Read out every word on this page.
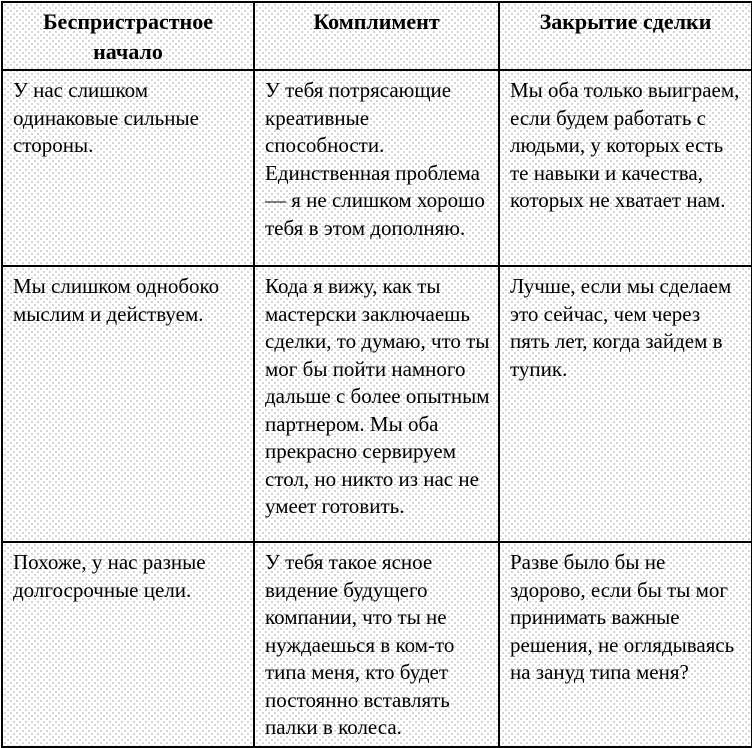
Беспристрастное начало	Комплимент	Закрытие сделки
У нас слишком одинаковые сильные стороны.	У тебя потрясающие креативные способности. Единственная проблема — я не слишком хорошо тебя в этом дополняю.	Мы оба только выиграем, если будем работать с людьми, у которых есть те навыки и качества, которых не хватает нам.
Мы слишком однобоко мыслим и действуем.	Кода я вижу, как ты мастерски заключаешь сделки, то думаю, что ты мог бы пойти намного дальше с более опытным партнером. Мы оба прекрасно сервируем стол, но никто из нас не умеет готовить.	Лучше, если мы сделаем это сейчас, чем через пять лет, когда зайдем в тупик.
Похоже, у нас разные долгосрочные цели.	У тебя такое ясное видение будущего компании, что ты не нуждаешься в ком-то типа меня, кто будет постоянно вставлять палки в колеса.	Разве было бы не здорово, если бы ты мог принимать важные решения, не оглядываясь на зануд типа меня?
